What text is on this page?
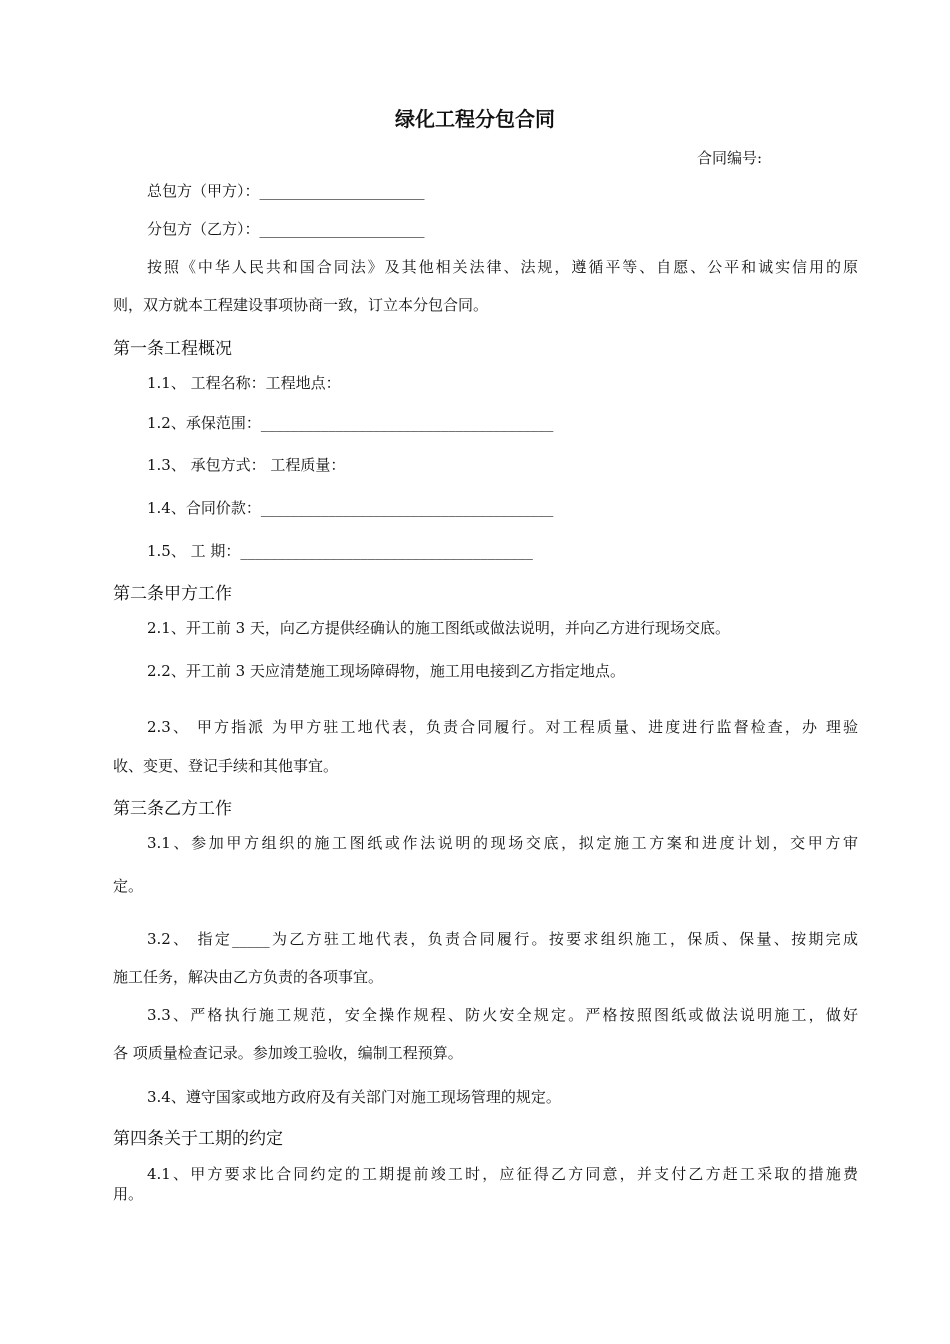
绿化工程分包合同
合同编号:
总包方（甲方）：______________________
分包方（乙方）：______________________
按照《中华人民共和国合同法》及其他相关法律、法规，遵循平等、自愿、公平和诚实信用的原
则，双方就本工程建设事项协商一致，订立本分包合同。
第一条工程概况
1.1、 工程名称：工程地点：
1.2、承保范围：_______________________________________
1.3、 承包方式： 工程质量：
1.4、合同价款：_______________________________________
1.5、 工 期：_______________________________________
第二条甲方工作
2.1、开工前 3 天，向乙方提供经确认的施工图纸或做法说明，并向乙方进行现场交底。
2.2、开工前 3 天应清楚施工现场障碍物，施工用电接到乙方指定地点。
2.3、 甲方指派 为甲方驻工地代表，负责合同履行。对工程质量、进度进行监督检查，办 理验
收、变更、登记手续和其他事宜。
第三条乙方工作
3.1、参加甲方组织的施工图纸或作法说明的现场交底，拟定施工方案和进度计划，交甲方审
定。
3.2、 指定_____为乙方驻工地代表，负责合同履行。按要求组织施工，保质、保量、按期完成
施工任务，解决由乙方负责的各项事宜。
3.3、严格执行施工规范，安全操作规程、防火安全规定。严格按照图纸或做法说明施工，做好
各 项质量检查记录。参加竣工验收，编制工程预算。
3.4、遵守国家或地方政府及有关部门对施工现场管理的规定。
第四条关于工期的约定
4.1、甲方要求比合同约定的工期提前竣工时，应征得乙方同意，并支付乙方赶工采取的措施费
用。
